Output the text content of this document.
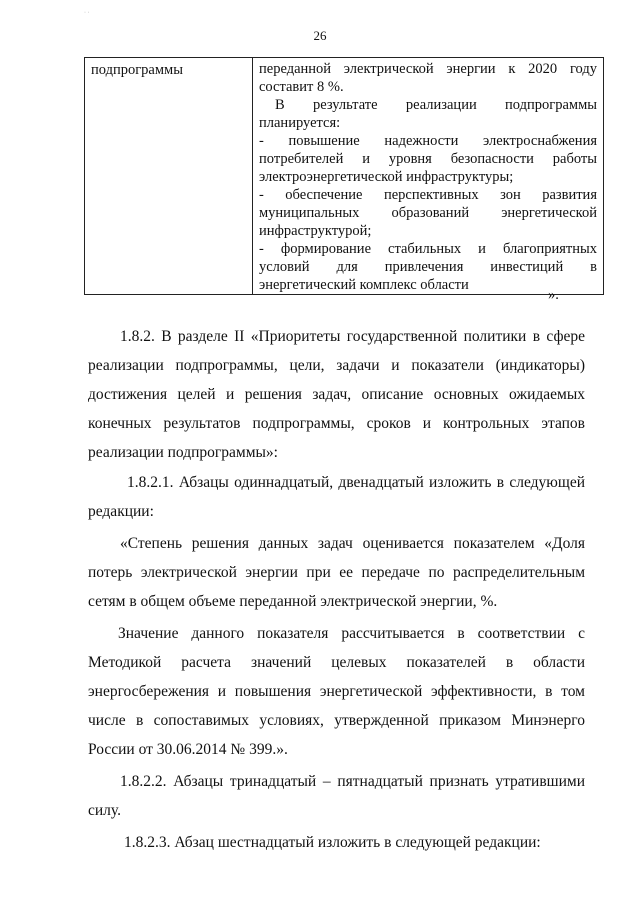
· ·
26
подпрограммы	переданной электрической энергии к 2020 году
составит 8 %.
В результате реализации подпрограммы
планируется:
- повышение надежности электроснабжения
потребителей и уровня безопасности работы
электроэнергетической инфраструктуры;
- обеспечение перспективных зон развития
муниципальных образований энергетической
инфраструктурой;
- формирование стабильных и благоприятных
условий для привлечения инвестиций в
энергетический комплекс области
».

1.8.2. В разделе II «Приоритеты государственной политики в сфере реализации подпрограммы, цели, задачи и показатели (индикаторы) достижения целей и решения задач, описание основных ожидаемых конечных результатов подпрограммы, сроков и контрольных этапов реализации подпрограммы»:

1.8.2.1. Абзацы одиннадцатый, двенадцатый изложить в следующей редакции:

«Степень решения данных задач оценивается показателем «Доля потерь электрической энергии при ее передаче по распределительным сетям в общем объеме переданной электрической энергии, %.

Значение данного показателя рассчитывается в соответствии с Методикой расчета значений целевых показателей в области энергосбережения и повышения энергетической эффективности, в том числе в сопоставимых условиях, утвержденной приказом Минэнерго России от 30.06.2014 № 399.».

1.8.2.2. Абзацы тринадцатый – пятнадцатый признать утратившими силу.

1.8.2.3. Абзац шестнадцатый изложить в следующей редакции:
